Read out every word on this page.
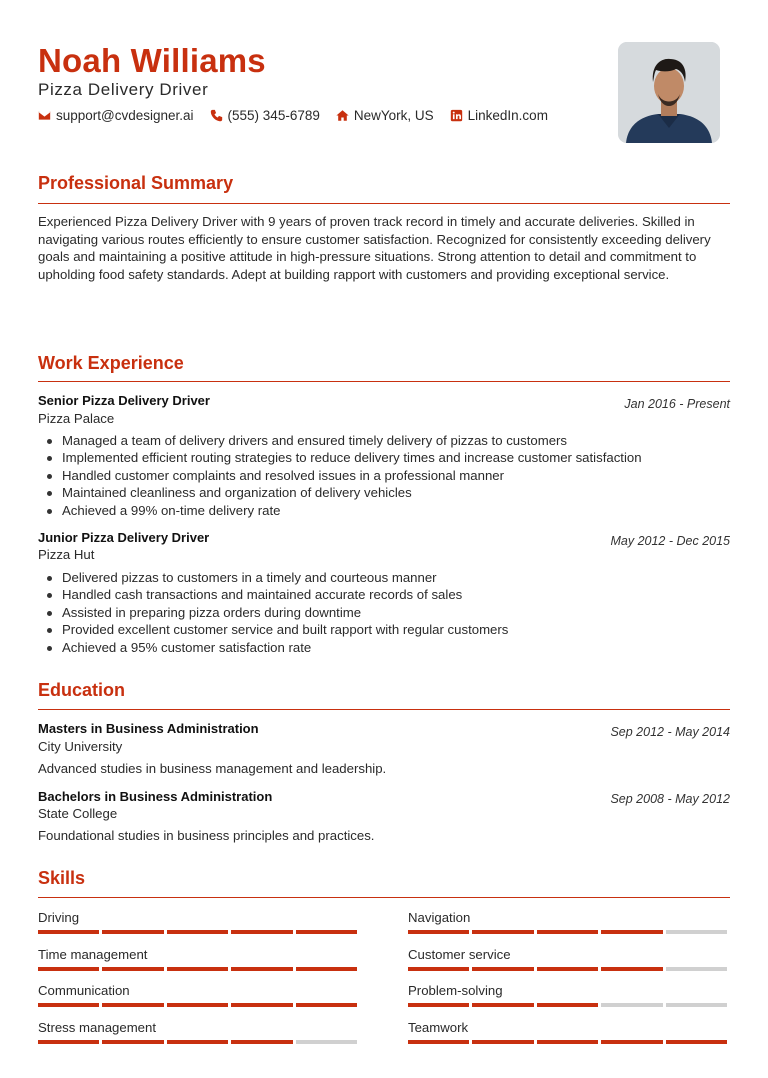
Noah Williams
Pizza Delivery Driver
support@cvdesigner.ai	(555) 345-6789	NewYork, US	LinkedIn.com
Professional Summary
Experienced Pizza Delivery Driver with 9 years of proven track record in timely and accurate deliveries. Skilled in navigating various routes efficiently to ensure customer satisfaction. Recognized for consistently exceeding delivery goals and maintaining a positive attitude in high-pressure situations. Strong attention to detail and commitment to upholding food safety standards. Adept at building rapport with customers and providing exceptional service.
Work Experience
Senior Pizza Delivery Driver	Jan 2016 - Present
Pizza Palace
Managed a team of delivery drivers and ensured timely delivery of pizzas to customers
Implemented efficient routing strategies to reduce delivery times and increase customer satisfaction
Handled customer complaints and resolved issues in a professional manner
Maintained cleanliness and organization of delivery vehicles
Achieved a 99% on-time delivery rate
Junior Pizza Delivery Driver	May 2012 - Dec 2015
Pizza Hut
Delivered pizzas to customers in a timely and courteous manner
Handled cash transactions and maintained accurate records of sales
Assisted in preparing pizza orders during downtime
Provided excellent customer service and built rapport with regular customers
Achieved a 95% customer satisfaction rate
Education
Masters in Business Administration	Sep 2012 - May 2014
City University
Advanced studies in business management and leadership.
Bachelors in Business Administration	Sep 2008 - May 2012
State College
Foundational studies in business principles and practices.
Skills
Driving	Navigation
Time management	Customer service
Communication	Problem-solving
Stress management	Teamwork
